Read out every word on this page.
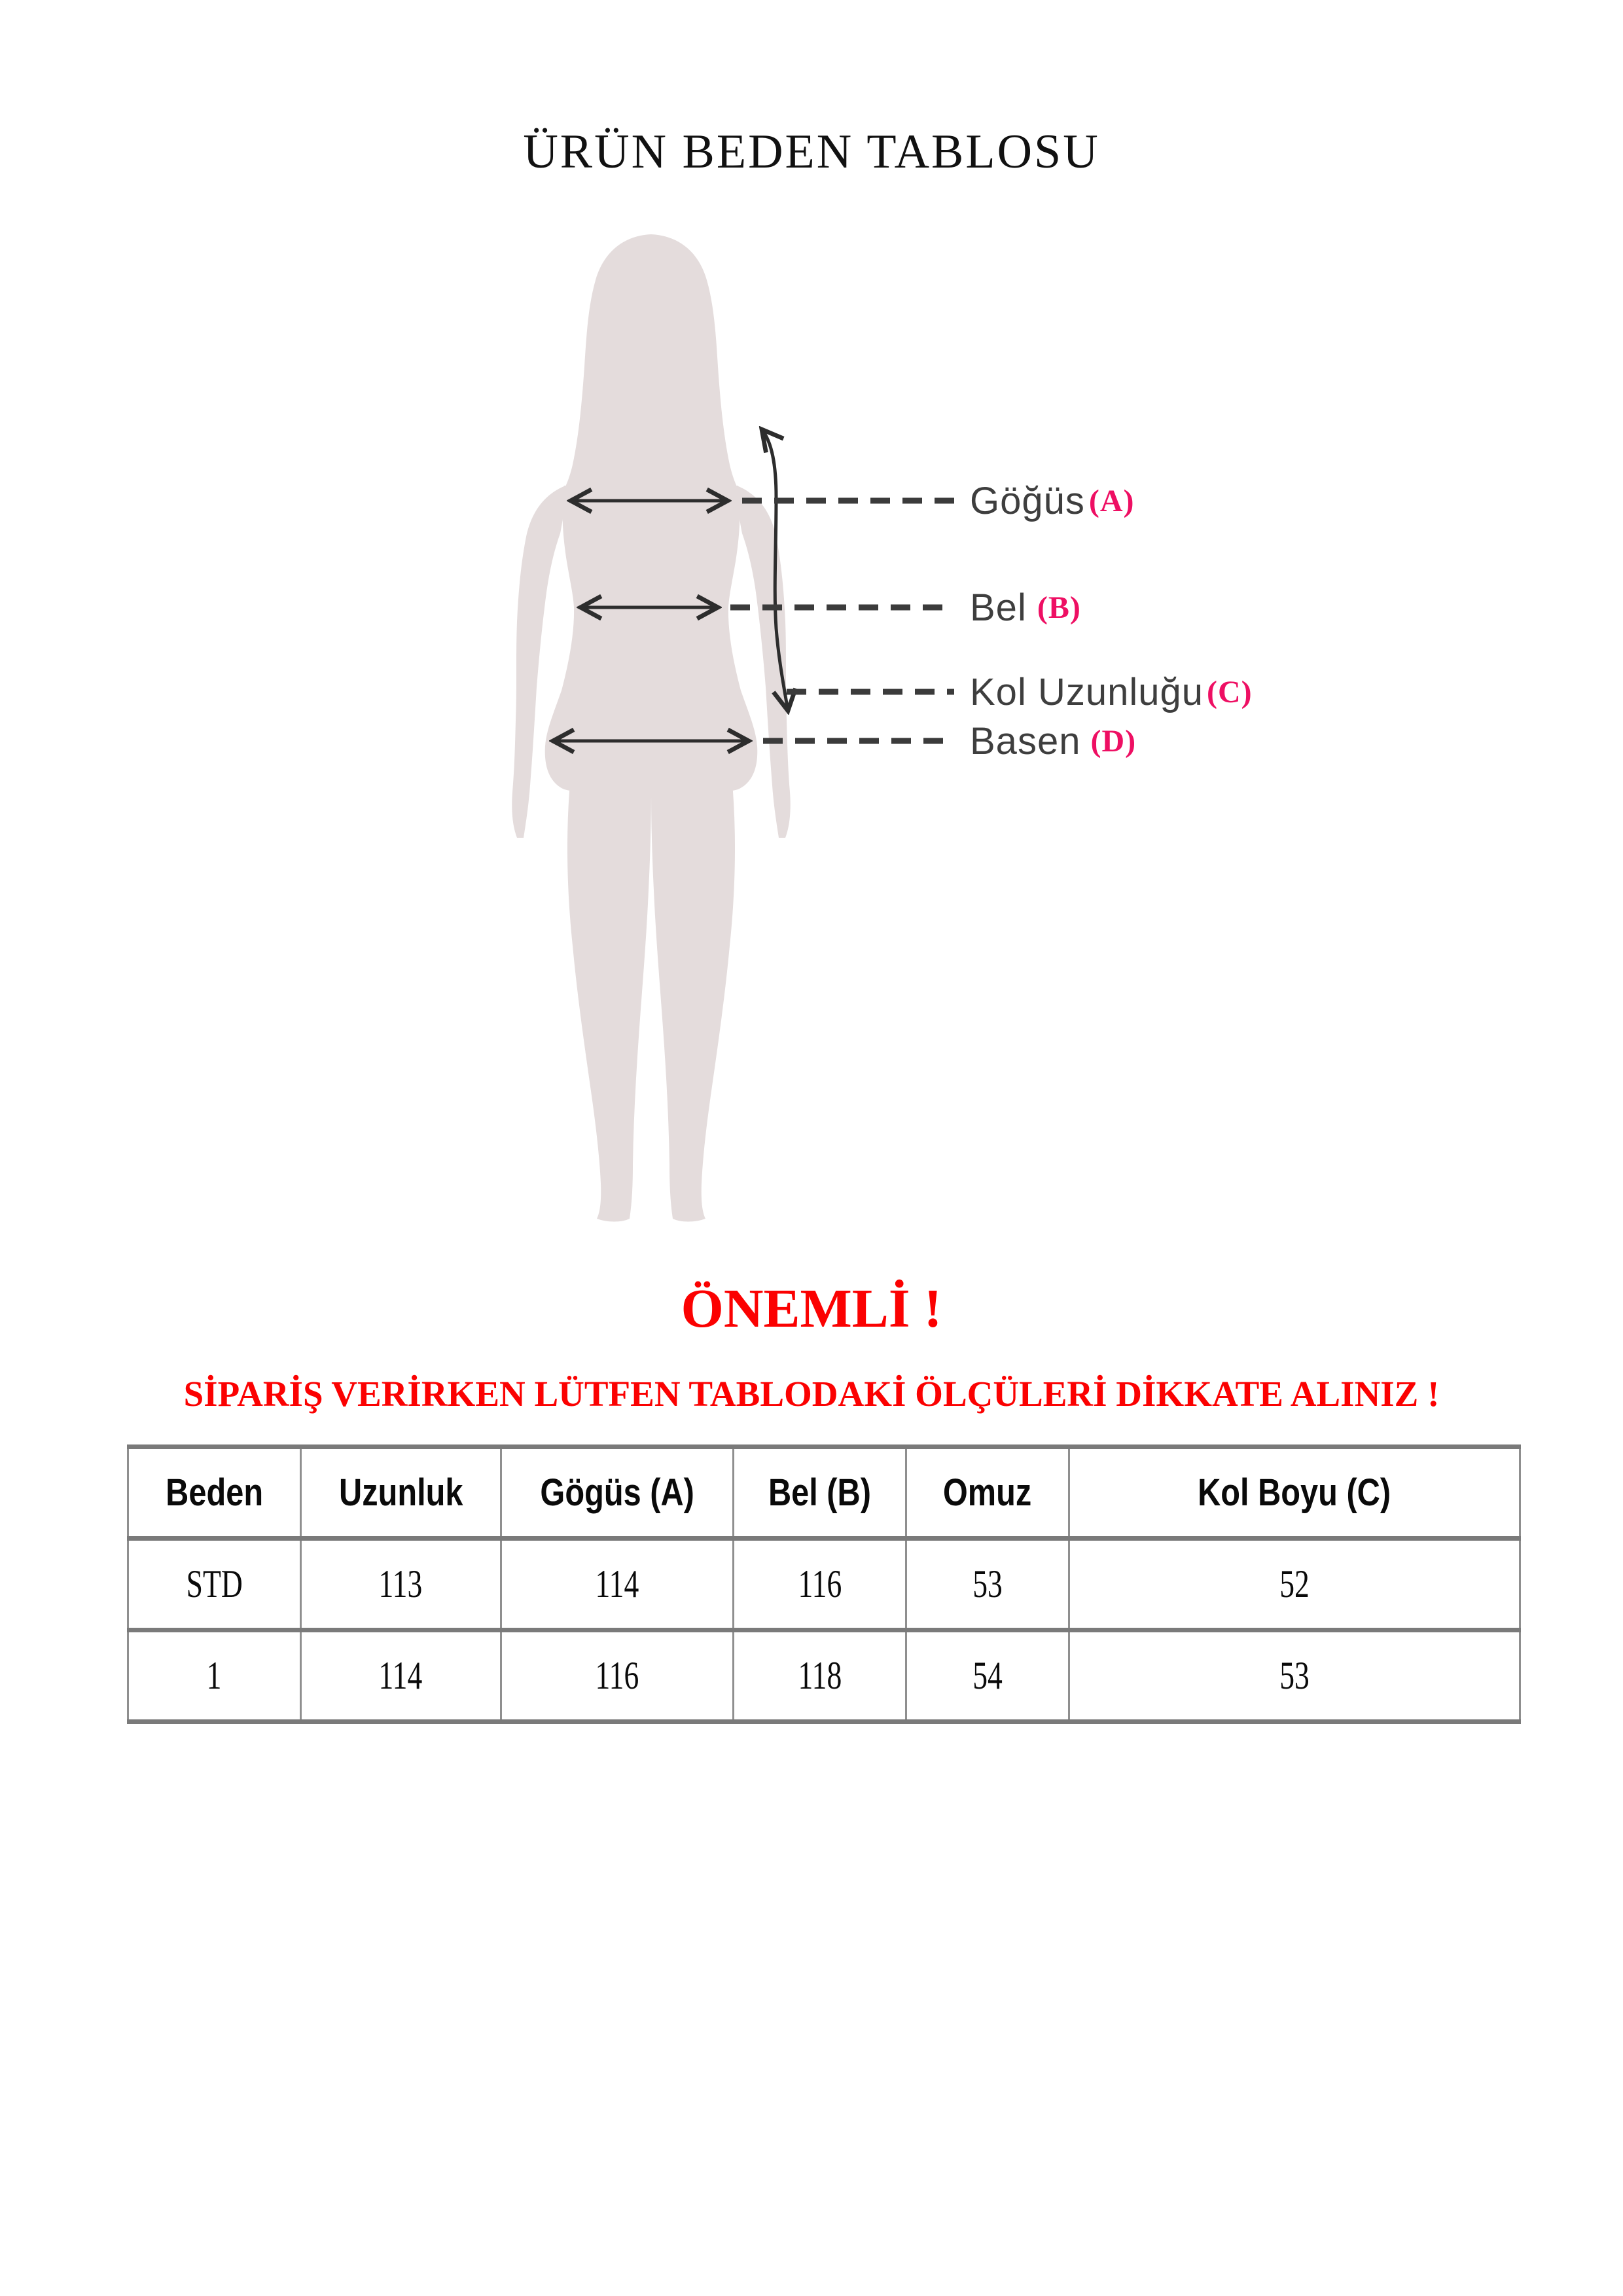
ÜRÜN BEDEN TABLOSU
Göğüs (A)
Bel (B)
Kol Uzunluğu (C)
Basen (D)
ÖNEMLİ !
SİPARİŞ VERİRKEN LÜTFEN TABLODAKİ ÖLÇÜLERİ DİKKATE ALINIZ !
Beden	Uzunluk	Gögüs (A)	Bel (B)	Omuz	Kol Boyu (C)
STD	113	114	116	53	52
1	114	116	118	54	53
